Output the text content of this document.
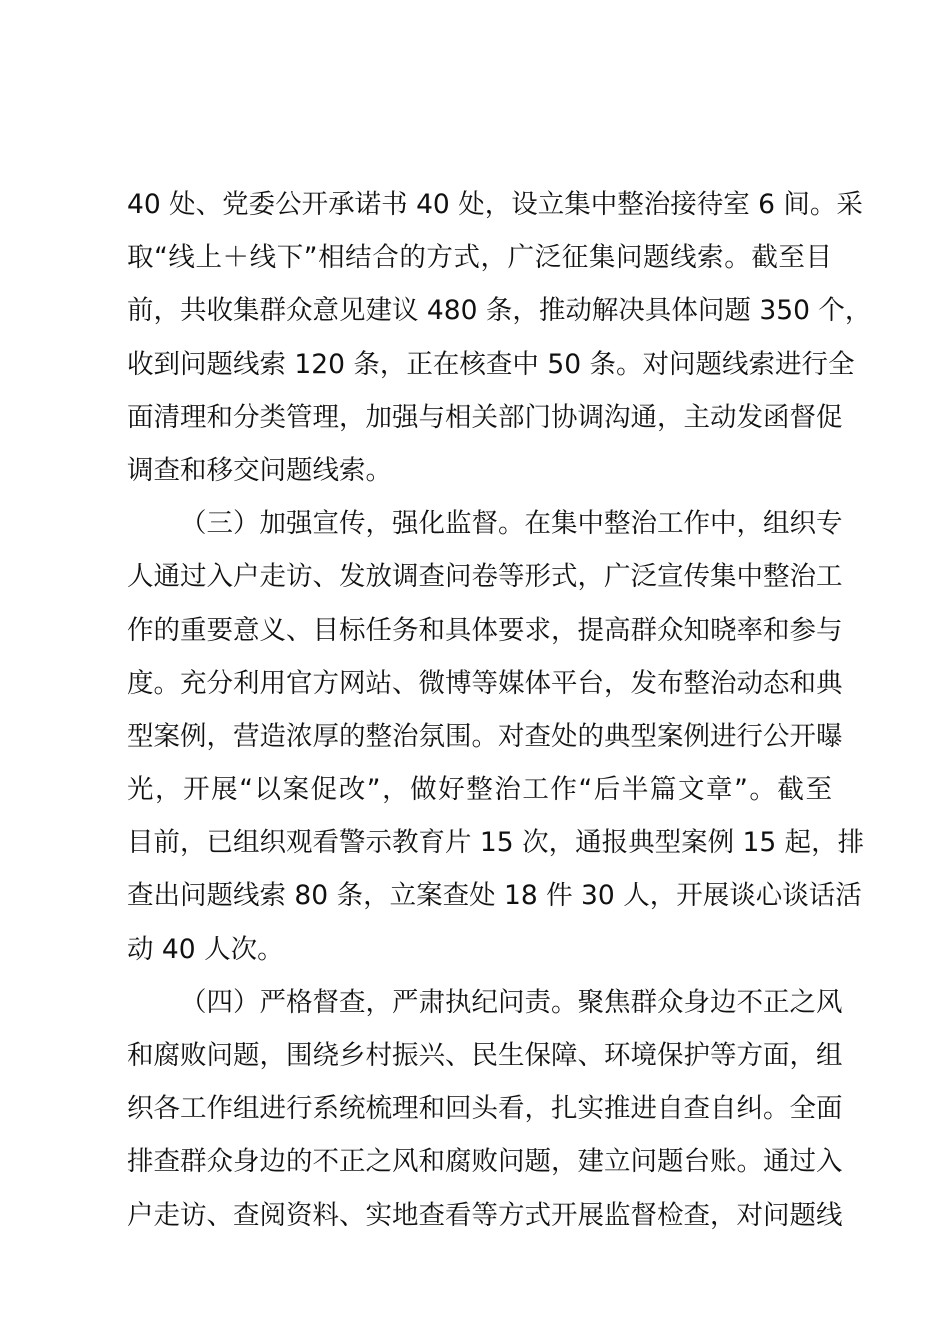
40 处、党委公开承诺书 40 处，设立集中整治接待室 6 间。采
取“线上＋线下”相结合的方式，广泛征集问题线索。截至目
前，共收集群众意见建议 480 条，推动解决具体问题 350 个，
收到问题线索 120 条，正在核查中 50 条。对问题线索进行全
面清理和分类管理，加强与相关部门协调沟通，主动发函督促
调查和移交问题线索。
（三）加强宣传，强化监督。在集中整治工作中，组织专
人通过入户走访、发放调查问卷等形式，广泛宣传集中整治工
作的重要意义、目标任务和具体要求，提高群众知晓率和参与
度。充分利用官方网站、微博等媒体平台，发布整治动态和典
型案例，营造浓厚的整治氛围。对查处的典型案例进行公开曝
光，开展“以案促改”，做好整治工作“后半篇文章”。截至
目前，已组织观看警示教育片 15 次，通报典型案例 15 起，排
查出问题线索 80 条，立案查处 18 件 30 人，开展谈心谈话活
动 40 人次。
（四）严格督查，严肃执纪问责。聚焦群众身边不正之风
和腐败问题，围绕乡村振兴、民生保障、环境保护等方面，组
织各工作组进行系统梳理和回头看，扎实推进自查自纠。全面
排查群众身边的不正之风和腐败问题，建立问题台账。通过入
户走访、查阅资料、实地查看等方式开展监督检查，对问题线
